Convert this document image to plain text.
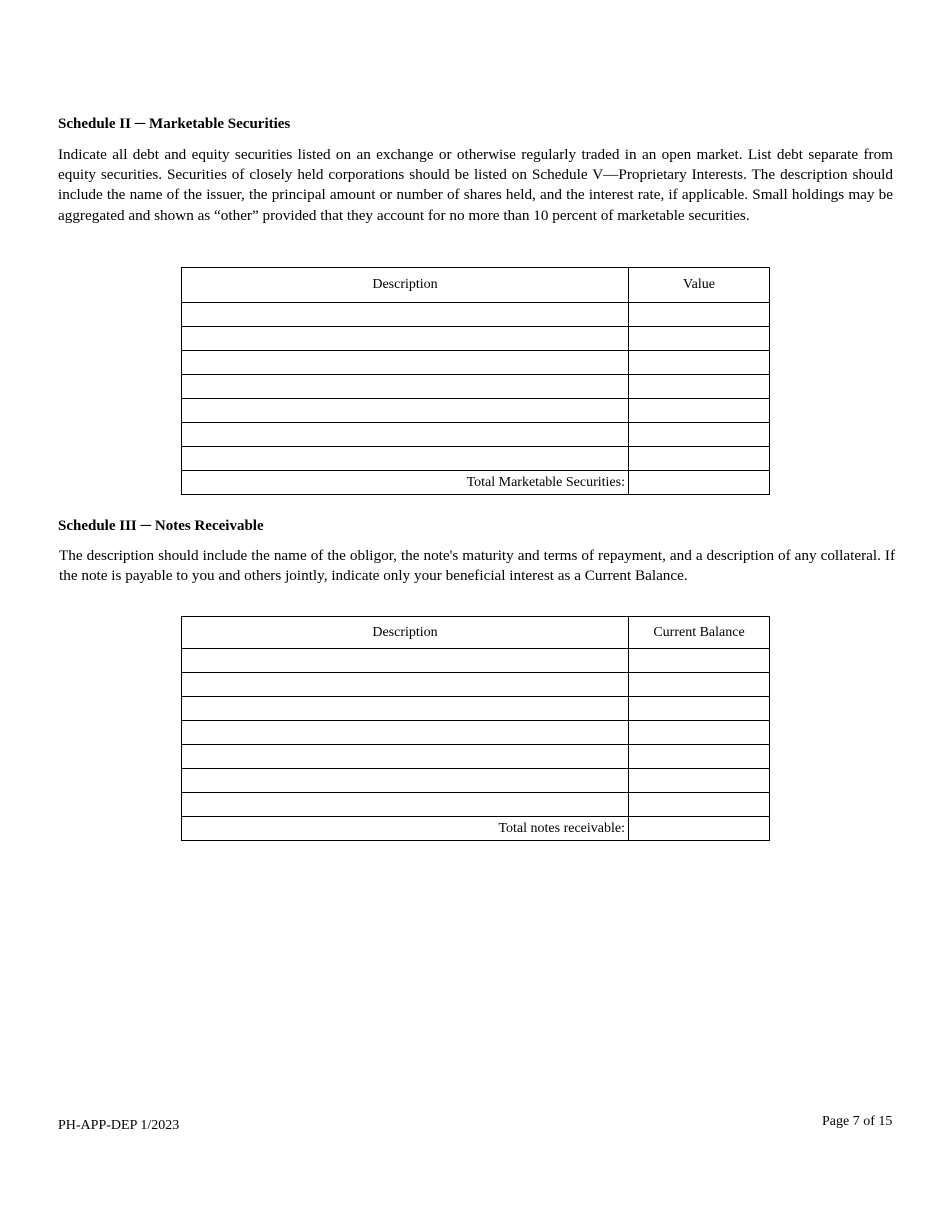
Schedule II ─ Marketable Securities

Indicate all debt and equity securities listed on an exchange or otherwise regularly traded in an open market. List debt separate from equity securities. Securities of closely held corporations should be listed on Schedule V—Proprietary Interests. The description should include the name of the issuer, the principal amount or number of shares held, and the interest rate, if applicable. Small holdings may be aggregated and shown as “other” provided that they account for no more than 10 percent of marketable securities.

Description	Value

Total Marketable Securities:	

Schedule III ─ Notes Receivable

The description should include the name of the obligor, the note's maturity and terms of repayment, and a description of any collateral. If the note is payable to you and others jointly, indicate only your beneficial interest as a Current Balance.

Description	Current Balance

Total notes receivable:	
PH-APP-DEP 1/2023	Page 7 of 15
